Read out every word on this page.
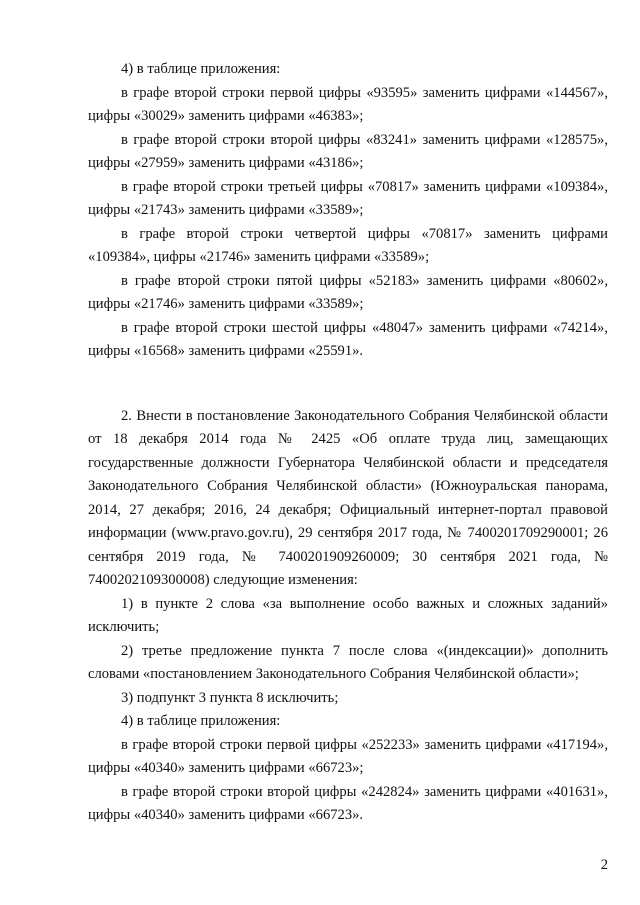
4) в таблице приложения:

в графе второй строки первой цифры «93595» заменить цифрами «144567», цифры «30029» заменить цифрами «46383»;

в графе второй строки второй цифры «83241» заменить цифрами «128575», цифры «27959» заменить цифрами «43186»;

в графе второй строки третьей цифры «70817» заменить цифрами «109384», цифры «21743» заменить цифрами «33589»;

в графе второй строки четвертой цифры «70817» заменить цифрами «109384», цифры «21746» заменить цифрами «33589»;

в графе второй строки пятой цифры «52183» заменить цифрами «80602», цифры «21746» заменить цифрами «33589»;

в графе второй строки шестой цифры «48047» заменить цифрами «74214», цифры «16568» заменить цифрами «25591».

2. Внести в постановление Законодательного Собрания Челябинской области от 18 декабря 2014 года № 2425 «Об оплате труда лиц, замещающих государственные должности Губернатора Челябинской области и председателя Законодательного Собрания Челябинской области» (Южноуральская панорама, 2014, 27 декабря; 2016, 24 декабря; Официальный интернет-портал правовой информации (www.pravo.gov.ru), 29 сентября 2017 года, № 7400201709290001; 26 сентября 2019 года, № 7400201909260009; 30 сентября 2021 года, № 7400202109300008) следующие изменения:

1) в пункте 2 слова «за выполнение особо важных и сложных заданий» исключить;

2) третье предложение пункта 7 после слова «(индексации)» дополнить словами «постановлением Законодательного Собрания Челябинской области»;

3) подпункт 3 пункта 8 исключить;

4) в таблице приложения:

в графе второй строки первой цифры «252233» заменить цифрами «417194», цифры «40340» заменить цифрами «66723»;

в графе второй строки второй цифры «242824» заменить цифрами «401631», цифры «40340» заменить цифрами «66723».

2
